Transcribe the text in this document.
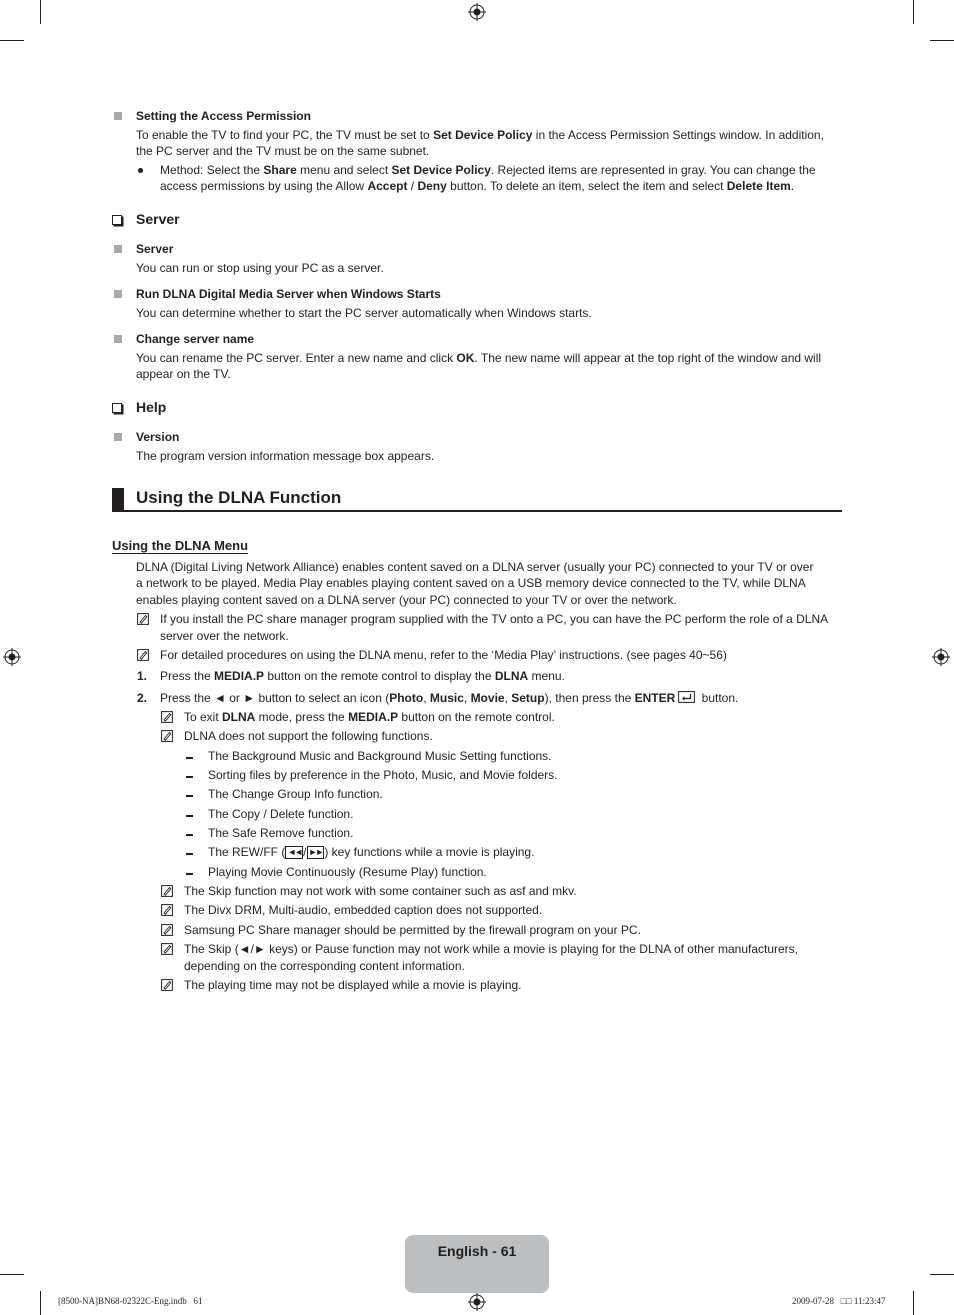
Setting the Access Permission
To enable the TV to find your PC, the TV must be set to Set Device Policy in the Access Permission Settings window. In addition,
the PC server and the TV must be on the same subnet.
Method: Select the Share menu and select Set Device Policy. Rejected items are represented in gray. You can change the
access permissions by using the Allow Accept / Deny button. To delete an item, select the item and select Delete Item.
Server
Server
You can run or stop using your PC as a server.
Run DLNA Digital Media Server when Windows Starts
You can determine whether to start the PC server automatically when Windows starts.
Change server name
You can rename the PC server. Enter a new name and click OK. The new name will appear at the top right of the window and will
appear on the TV.
Help
Version
The program version information message box appears.
Using the DLNA Function
Using the DLNA Menu
DLNA (Digital Living Network Alliance) enables content saved on a DLNA server (usually your PC) connected to your TV or over
a network to be played. Media Play enables playing content saved on a USB memory device connected to the TV, while DLNA
enables playing content saved on a DLNA server (your PC) connected to your TV or over the network.
If you install the PC share manager program supplied with the TV onto a PC, you can have the PC perform the role of a DLNA
server over the network.
For detailed procedures on using the DLNA menu, refer to the ‘Media Play’ instructions. (see pages 40~56)
1. Press the MEDIA.P button on the remote control to display the DLNA menu.
2. Press the ◄ or ► button to select an icon (Photo, Music, Movie, Setup), then press the ENTER button.
To exit DLNA mode, press the MEDIA.P button on the remote control.
DLNA does not support the following functions.
The Background Music and Background Music Setting functions.
Sorting files by preference in the Photo, Music, and Movie folders.
The Change Group Info function.
The Copy / Delete function.
The Safe Remove function.
The REW/FF ( ◄◄ / ►► ) key functions while a movie is playing.
Playing Movie Continuously (Resume Play) function.
The Skip function may not work with some container such as asf and mkv.
The Divx DRM, Multi-audio, embedded caption does not supported.
Samsung PC Share manager should be permitted by the firewall program on your PC.
The Skip (◄/► keys) or Pause function may not work while a movie is playing for the DLNA of other manufacturers,
depending on the corresponding content information.
The playing time may not be displayed while a movie is playing.
English - 61
[8500-NA]BN68-02322C-Eng.indb   61	2009-07-28   □□ 11:23:47
